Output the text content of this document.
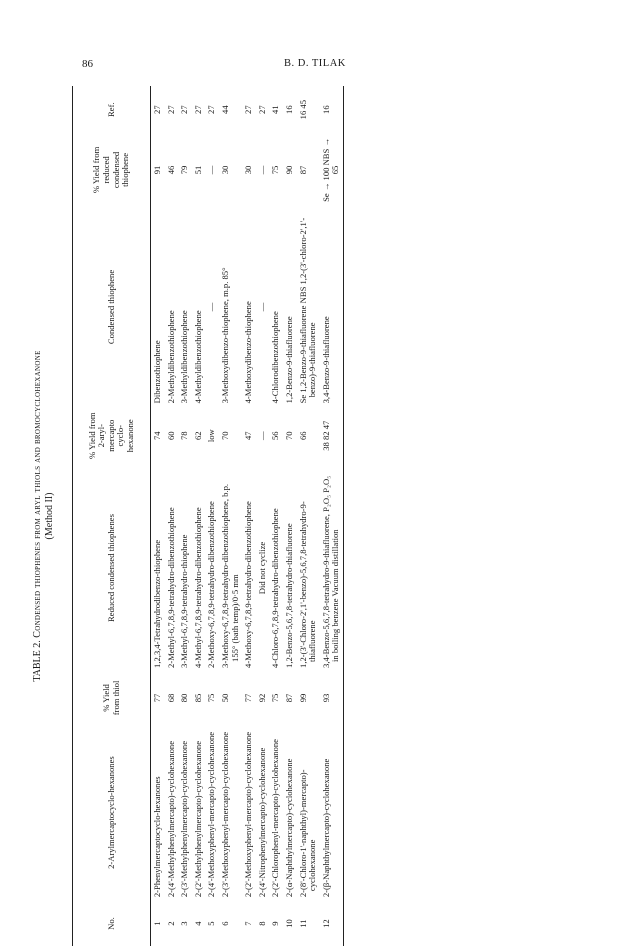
86	B. D. TILAK
TABLE 2. Condensed thiophenes from aryl thiols and bromocyclohexanone
(Method II)
No.	2-Arylmercaptocyclo-hexanones	% Yield from thiol	Reduced condensed thiophenes	% Yield from 2-aryl-mercapto cyclo-hexanone	Condensed thiophene	% Yield from reduced condensed thiophene	Ref.
1	2-Phenylmercaptocyclo-hexanones	77	1,2,3,4-Tetrahydrodibenzo-thiophene	74	Dibenzothiophene	91	27
2	2-(4'-Methylphenylmercapto)-cyclohexanone	68	2-Methyl-6,7,8,9-tetrahydro-dibenzothiophene	60	2-Methyldibenzothiophene	46	27
3	2-(3'-Methylphenylmercapto)-cyclohexanone	80	3-Methyl-6,7,8,9-tetrahydro-thiophene	78	3-Methyldibenzothiophene	79	27
4	2-(2'-Methylphenylmercapto)-cyclohexanone	85	4-Methyl-6,7,8,9-tetrahydro-dibenzothiophene	62	4-Methyldibenzothiophene	51	27
5	2-(4'-Methoxyphenyl-mercapto)-cyclohexanone	75	2-Methoxy-6,7,8,9-tetrahydro-dibenzothiophene	low	—	—	27
6	2-(3'-Methoxyphenyl-mercapto)-cyclohexanone	50	3-Methoxy-6,7,8,9-tetrahydro-dibenzothiophene, b.p. 155° (bath temp)/0·5 mm	70	3-Methoxydibenzo-thiophene, m.p. 85°	30	44
7	2-(2'-Methoxyphenyl-mercapto)-cyclohexanone	77	4-Methoxy-6,7,8,9-tetrahydro-dibenzothiophene	47	4-Methoxydibenzo-thiophene	30	27
8	2-(4'-Nitrophenylmercapto)-cyclohexanone	92	Did not cyclize	—	—	—	27
9	2-(2'-Chlorophenyl-mercapto)-cyclohexanone	75	4-Chloro-6,7,8,9-tetrahydro-dibenzothiophene	56	4-Chlorodibenzothiophene	75	41
10	2-(α-Naphthylmercapto)-cyclohexanone	87	1,2-Benzo-5,6,7,8-tetrahydro-thiafluorene	70	1,2-Benzo-9-thiafluorene	90	16
11	2-(8'-Chloro-1'-naphthyl)-mercapto)-cyclohexanone	99	1,2-(3'-Chloro-2',1'-benzo)-5,6,7,8-tetrahydro-9-thiafluorene	66	Se 1,2-Benzo-9-thiafluorene NBS 1,2-(3'-chloro-2',1'-benzo)-9-thiafluorene	87	16 45
12	2-(β-Naphthylmercapto)-cyclohexanone	93	3,4-Benzo-5,6,7,8-tetrahydro-9-thiafluorene, P₂O₅ P₂O₅ in boiling benzene Vacuum distillation	38 82 47	3,4-Benzo-9-thiafluorene	Se → 100 NBS → 65	16
